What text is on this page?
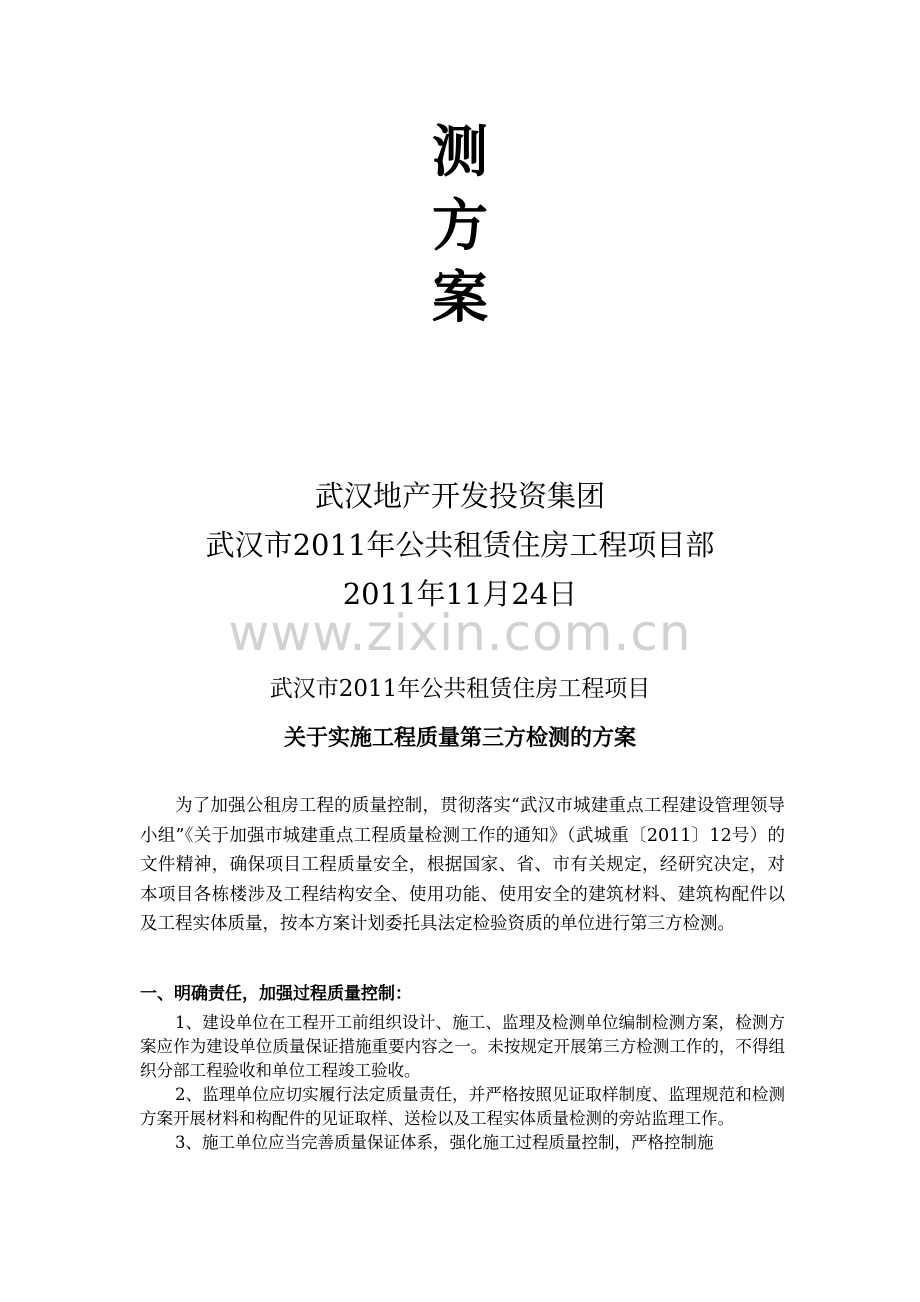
测
方
案
武汉地产开发投资集团
武汉市2011年公共租赁住房工程项目部
2011年11月24日
www.zixin.com.cn
武汉市2011年公共租赁住房工程项目
关于实施工程质量第三方检测的方案

为了加强公租房工程的质量控制，贯彻落实“武汉市城建重点工程建设管理领导小组”《关于加强市城建重点工程质量检测工作的通知》（武城重〔2011〕12号）的文件精神，确保项目工程质量安全，根据国家、省、市有关规定，经研究决定，对本项目各栋楼涉及工程结构安全、使用功能、使用安全的建筑材料、建筑构配件以及工程实体质量，按本方案计划委托具法定检验资质的单位进行第三方检测。

一、明确责任，加强过程质量控制：

1、建设单位在工程开工前组织设计、施工、监理及检测单位编制检测方案，检测方案应作为建设单位质量保证措施重要内容之一。未按规定开展第三方检测工作的，不得组织分部工程验收和单位工程竣工验收。

2、监理单位应切实履行法定质量责任，并严格按照见证取样制度、监理规范和检测方案开展材料和构配件的见证取样、送检以及工程实体质量检测的旁站监理工作。

3、施工单位应当完善质量保证体系，强化施工过程质量控制，严格控制施
